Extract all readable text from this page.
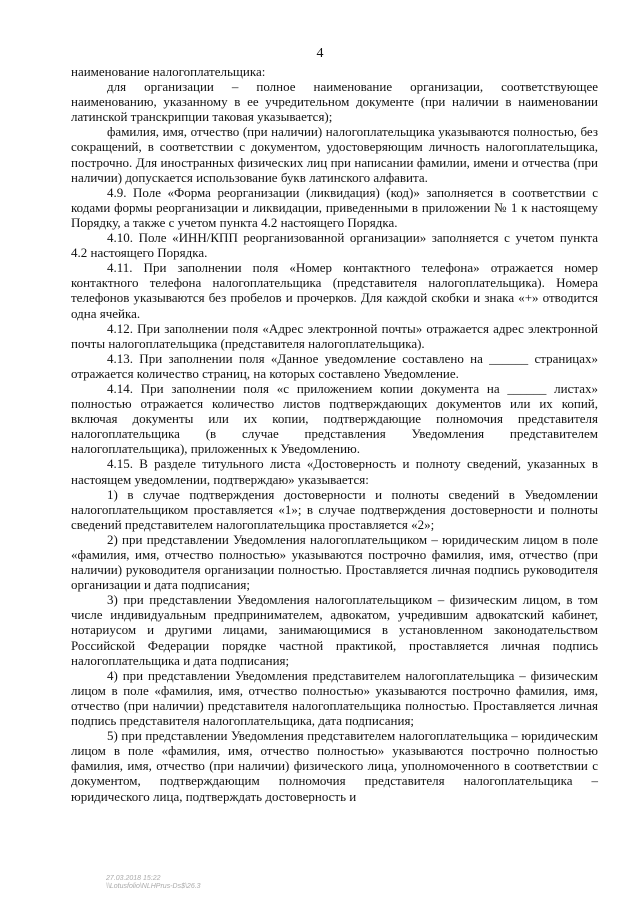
4

наименование налогоплательщика:

для организации – полное наименование организации, соответствующее наименованию, указанному в ее учредительном документе (при наличии в наименовании латинской транскрипции таковая указывается);

фамилия, имя, отчество (при наличии) налогоплательщика указываются полностью, без сокращений, в соответствии с документом, удостоверяющим личность налогоплательщика, построчно. Для иностранных физических лиц при написании фамилии, имени и отчества (при наличии) допускается использование букв латинского алфавита.

4.9. Поле «Форма реорганизации (ликвидация) (код)» заполняется в соответствии с кодами формы реорганизации и ликвидации, приведенными в приложении № 1 к настоящему Порядку, а также с учетом пункта 4.2 настоящего Порядка.

4.10. Поле «ИНН/КПП реорганизованной организации» заполняется с учетом пункта 4.2 настоящего Порядка.

4.11. При заполнении поля «Номер контактного телефона» отражается номер контактного телефона налогоплательщика (представителя налогоплательщика). Номера телефонов указываются без пробелов и прочерков. Для каждой скобки и знака «+» отводится одна ячейка.

4.12. При заполнении поля «Адрес электронной почты» отражается адрес электронной почты налогоплательщика (представителя налогоплательщика).

4.13. При заполнении поля «Данное уведомление составлено на ______ страницах» отражается количество страниц, на которых составлено Уведомление.

4.14. При заполнении поля «с приложением копии документа на ______ листах» полностью отражается количество листов подтверждающих документов или их копий, включая документы или их копии, подтверждающие полномочия представителя налогоплательщика (в случае представления Уведомления представителем налогоплательщика), приложенных к Уведомлению.

4.15. В разделе титульного листа «Достоверность и полноту сведений, указанных в настоящем уведомлении, подтверждаю» указывается:

1) в случае подтверждения достоверности и полноты сведений в Уведомлении налогоплательщиком проставляется «1»; в случае подтверждения достоверности и полноты сведений представителем налогоплательщика проставляется «2»;

2) при представлении Уведомления налогоплательщиком – юридическим лицом в поле «фамилия, имя, отчество полностью» указываются построчно фамилия, имя, отчество (при наличии) руководителя организации полностью. Проставляется личная подпись руководителя организации и дата подписания;

3) при представлении Уведомления налогоплательщиком – физическим лицом, в том числе индивидуальным предпринимателем, адвокатом, учредившим адвокатский кабинет, нотариусом и другими лицами, занимающимися в установленном законодательством Российской Федерации порядке частной практикой, проставляется личная подпись налогоплательщика и дата подписания;

4) при представлении Уведомления представителем налогоплательщика – физическим лицом в поле «фамилия, имя, отчество полностью» указываются построчно фамилия, имя, отчество (при наличии) представителя налогоплательщика полностью. Проставляется личная подпись представителя налогоплательщика, дата подписания;

5) при представлении Уведомления представителем налогоплательщика – юридическим лицом в поле «фамилия, имя, отчество полностью» указываются построчно полностью фамилия, имя, отчество (при наличии) физического лица, уполномоченного в соответствии с документом, подтверждающим полномочия представителя налогоплательщика – юридического лица, подтверждать достоверность и

27.03.2018 15:22
\\Lotusfolio\NLHPrus-Ds$\26.3
